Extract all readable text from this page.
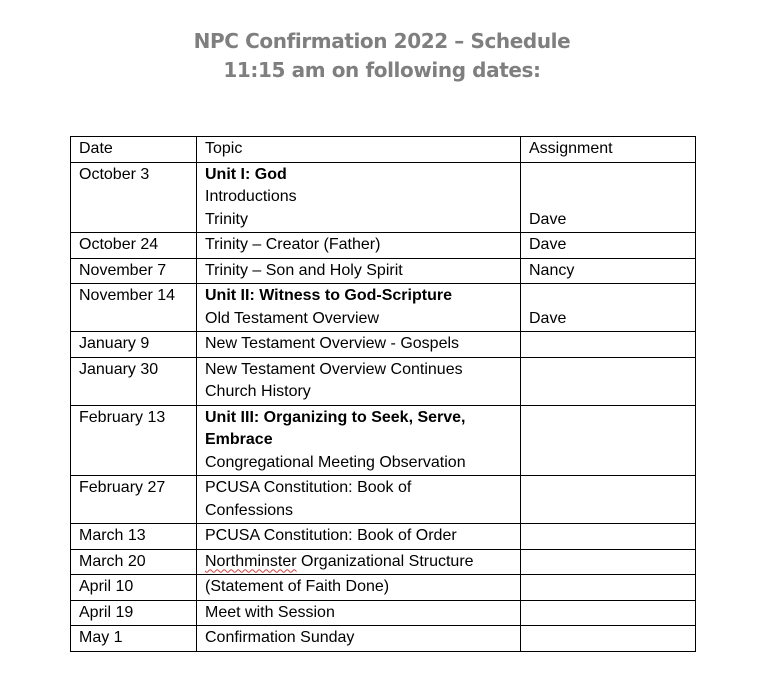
NPC Confirmation 2022 – Schedule
11:15 am on following dates:
Date	Topic	Assignment
October 3	Unit I: God
Introductions
Trinity	Dave

October 24	Trinity – Creator (Father)	Dave
November 7	Trinity – Son and Holy Spirit	Nancy
November 14	Unit II: Witness to God-Scripture
Old Testament Overview	Dave

January 9	New Testament Overview - Gospels	
January 30	New Testament Overview Continues
Church History	

February 13	Unit III: Organizing to Seek, Serve,
Embrace
Congregational Meeting Observation	

February 27	PCUSA Constitution: Book of
Confessions	

March 13	PCUSA Constitution: Book of Order	
March 20	Northminster Organizational Structure	
April 10	(Statement of Faith Done)	
April 19	Meet with Session	
May 1	Confirmation Sunday	
